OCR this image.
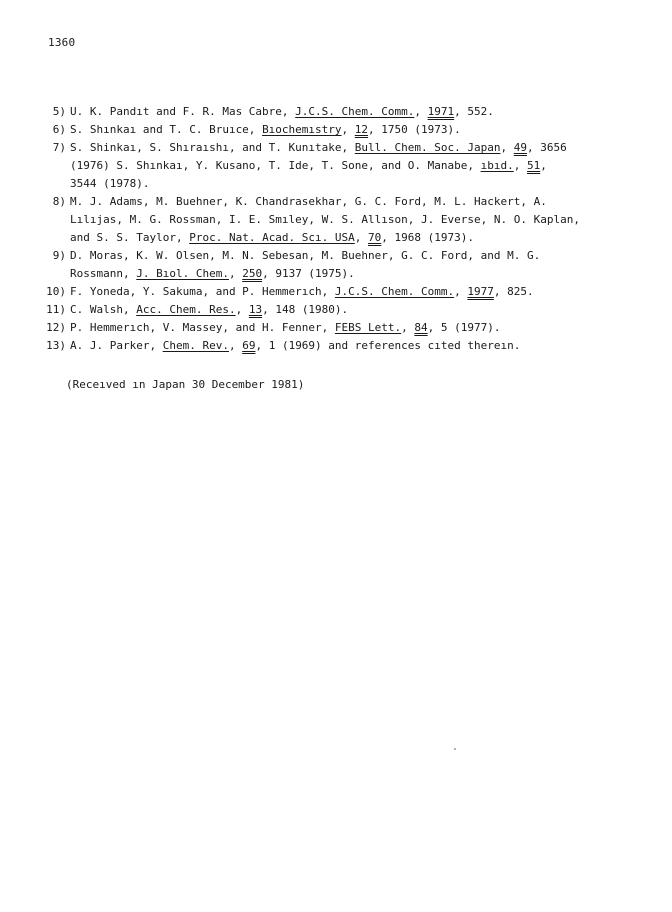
1360
5) U. K. Pandıt and F. R. Mas Cabre, J.C.S. Chem. Comm., 1971, 552.
6) S. Shınkaı and T. C. Bruıce, Bıochemıstry, 12, 1750 (1973).
7) S. Shinkaı, S. Shıraıshı, and T. Kunıtake, Bull. Chem. Soc. Japan, 49, 3656
(1976) S. Shınkaı, Y. Kusano, T. Ide, T. Sone, and O. Manabe, ıbıd., 51,
3544 (1978).
8) M. J. Adams, M. Buehner, K. Chandrasekhar, G. C. Ford, M. L. Hackert, A.
Lılıjas, M. G. Rossman, I. E. Smıley, W. S. Allıson, J. Everse, N. O. Kaplan,
and S. S. Taylor, Proc. Nat. Acad. Scı. USA, 70, 1968 (1973).
9) D. Moras, K. W. Olsen, M. N. Sebesan, M. Buehner, G. C. Ford, and M. G.
Rossmann, J. Bıol. Chem., 250, 9137 (1975).
10) F. Yoneda, Y. Sakuma, and P. Hemmerıch, J.C.S. Chem. Comm., 1977, 825.
11) C. Walsh, Acc. Chem. Res., 13, 148 (1980).
12) P. Hemmerıch, V. Massey, and H. Fenner, FEBS Lett., 84, 5 (1977).
13) A. J. Parker, Chem. Rev., 69, 1 (1969) and references cıted thereın.
(Receıved ın Japan 30 December 1981)
